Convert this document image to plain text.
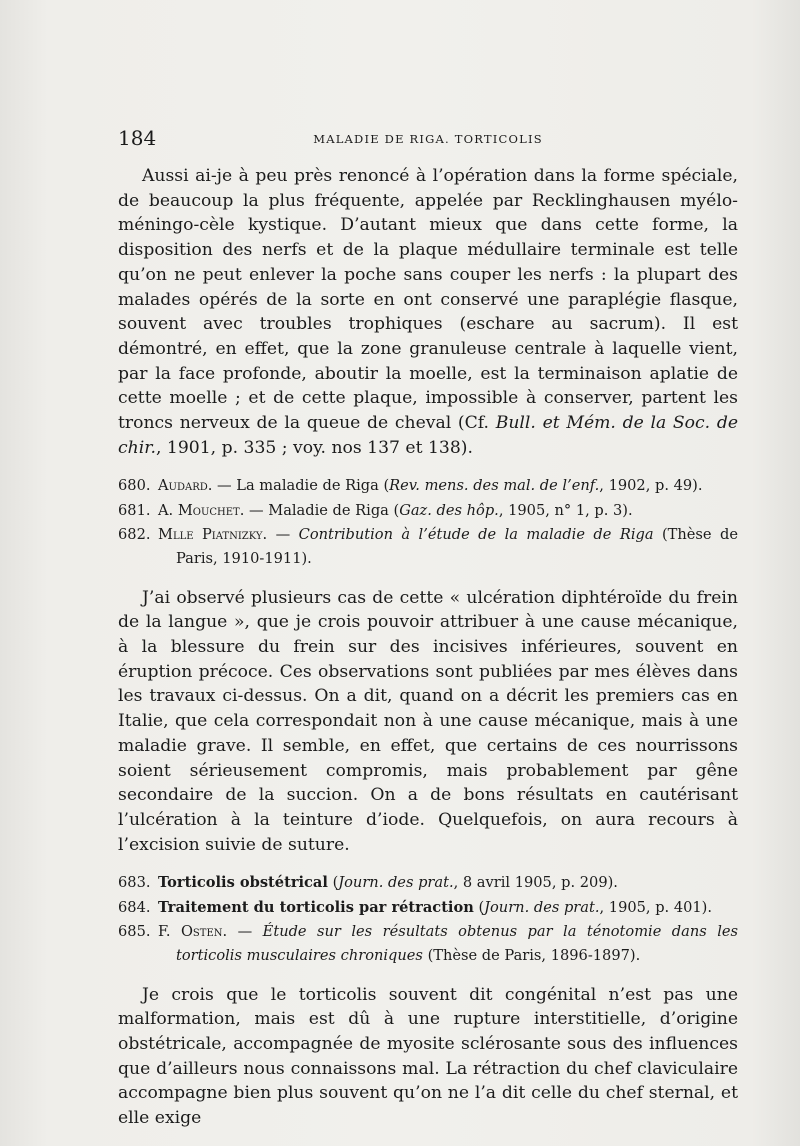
184	MALADIE DE RIGA. TORTICOLIS

Aussi ai-je à peu près renoncé à l’opération dans la forme spéciale, de beaucoup la plus fréquente, appelée par Recklinghausen myélo-méningo-cèle kystique. D’autant mieux que dans cette forme, la disposition des nerfs et de la plaque médullaire terminale est telle qu’on ne peut enlever la poche sans couper les nerfs : la plupart des malades opérés de la sorte en ont conservé une paraplégie flasque, souvent avec troubles trophiques (eschare au sacrum). Il est démontré, en effet, que la zone granuleuse centrale à laquelle vient, par la face profonde, aboutir la moelle, est la terminaison aplatie de cette moelle ; et de cette plaque, impossible à conserver, partent les troncs nerveux de la queue de cheval (Cf. Bull. et Mém. de la Soc. de chir., 1901, p. 335 ; voy. nos 137 et 138).

680. Audard. — La maladie de Riga (Rev. mens. des mal. de l’enf., 1902, p. 49).

681. A. Mouchet. — Maladie de Riga (Gaz. des hôp., 1905, n° 1, p. 3).

682. Mlle Piatnizky. — Contribution à l’étude de la maladie de Riga (Thèse de Paris, 1910-1911).

J’ai observé plusieurs cas de cette « ulcération diphtéroïde du frein de la langue », que je crois pouvoir attribuer à une cause mécanique, à la blessure du frein sur des incisives inférieures, souvent en éruption précoce. Ces observations sont publiées par mes élèves dans les travaux ci-dessus. On a dit, quand on a décrit les premiers cas en Italie, que cela correspondait non à une cause mécanique, mais à une maladie grave. Il semble, en effet, que certains de ces nourrissons soient sérieusement compromis, mais probablement par gêne secondaire de la succion. On a de bons résultats en cautérisant l’ulcération à la teinture d’iode. Quelquefois, on aura recours à l’excision suivie de suture.

683. Torticolis obstétrical (Journ. des prat., 8 avril 1905, p. 209).

684. Traitement du torticolis par rétraction (Journ. des prat., 1905, p. 401).

685. F. Osten. — Étude sur les résultats obtenus par la ténotomie dans les torticolis musculaires chroniques (Thèse de Paris, 1896-1897).

Je crois que le torticolis souvent dit congénital n’est pas une malformation, mais est dû à une rupture interstitielle, d’origine obstétricale, accompagnée de myosite sclérosante sous des influences que d’ailleurs nous connaissons mal. La rétraction du chef claviculaire accompagne bien plus souvent qu’on ne l’a dit celle du chef sternal, et elle exige
